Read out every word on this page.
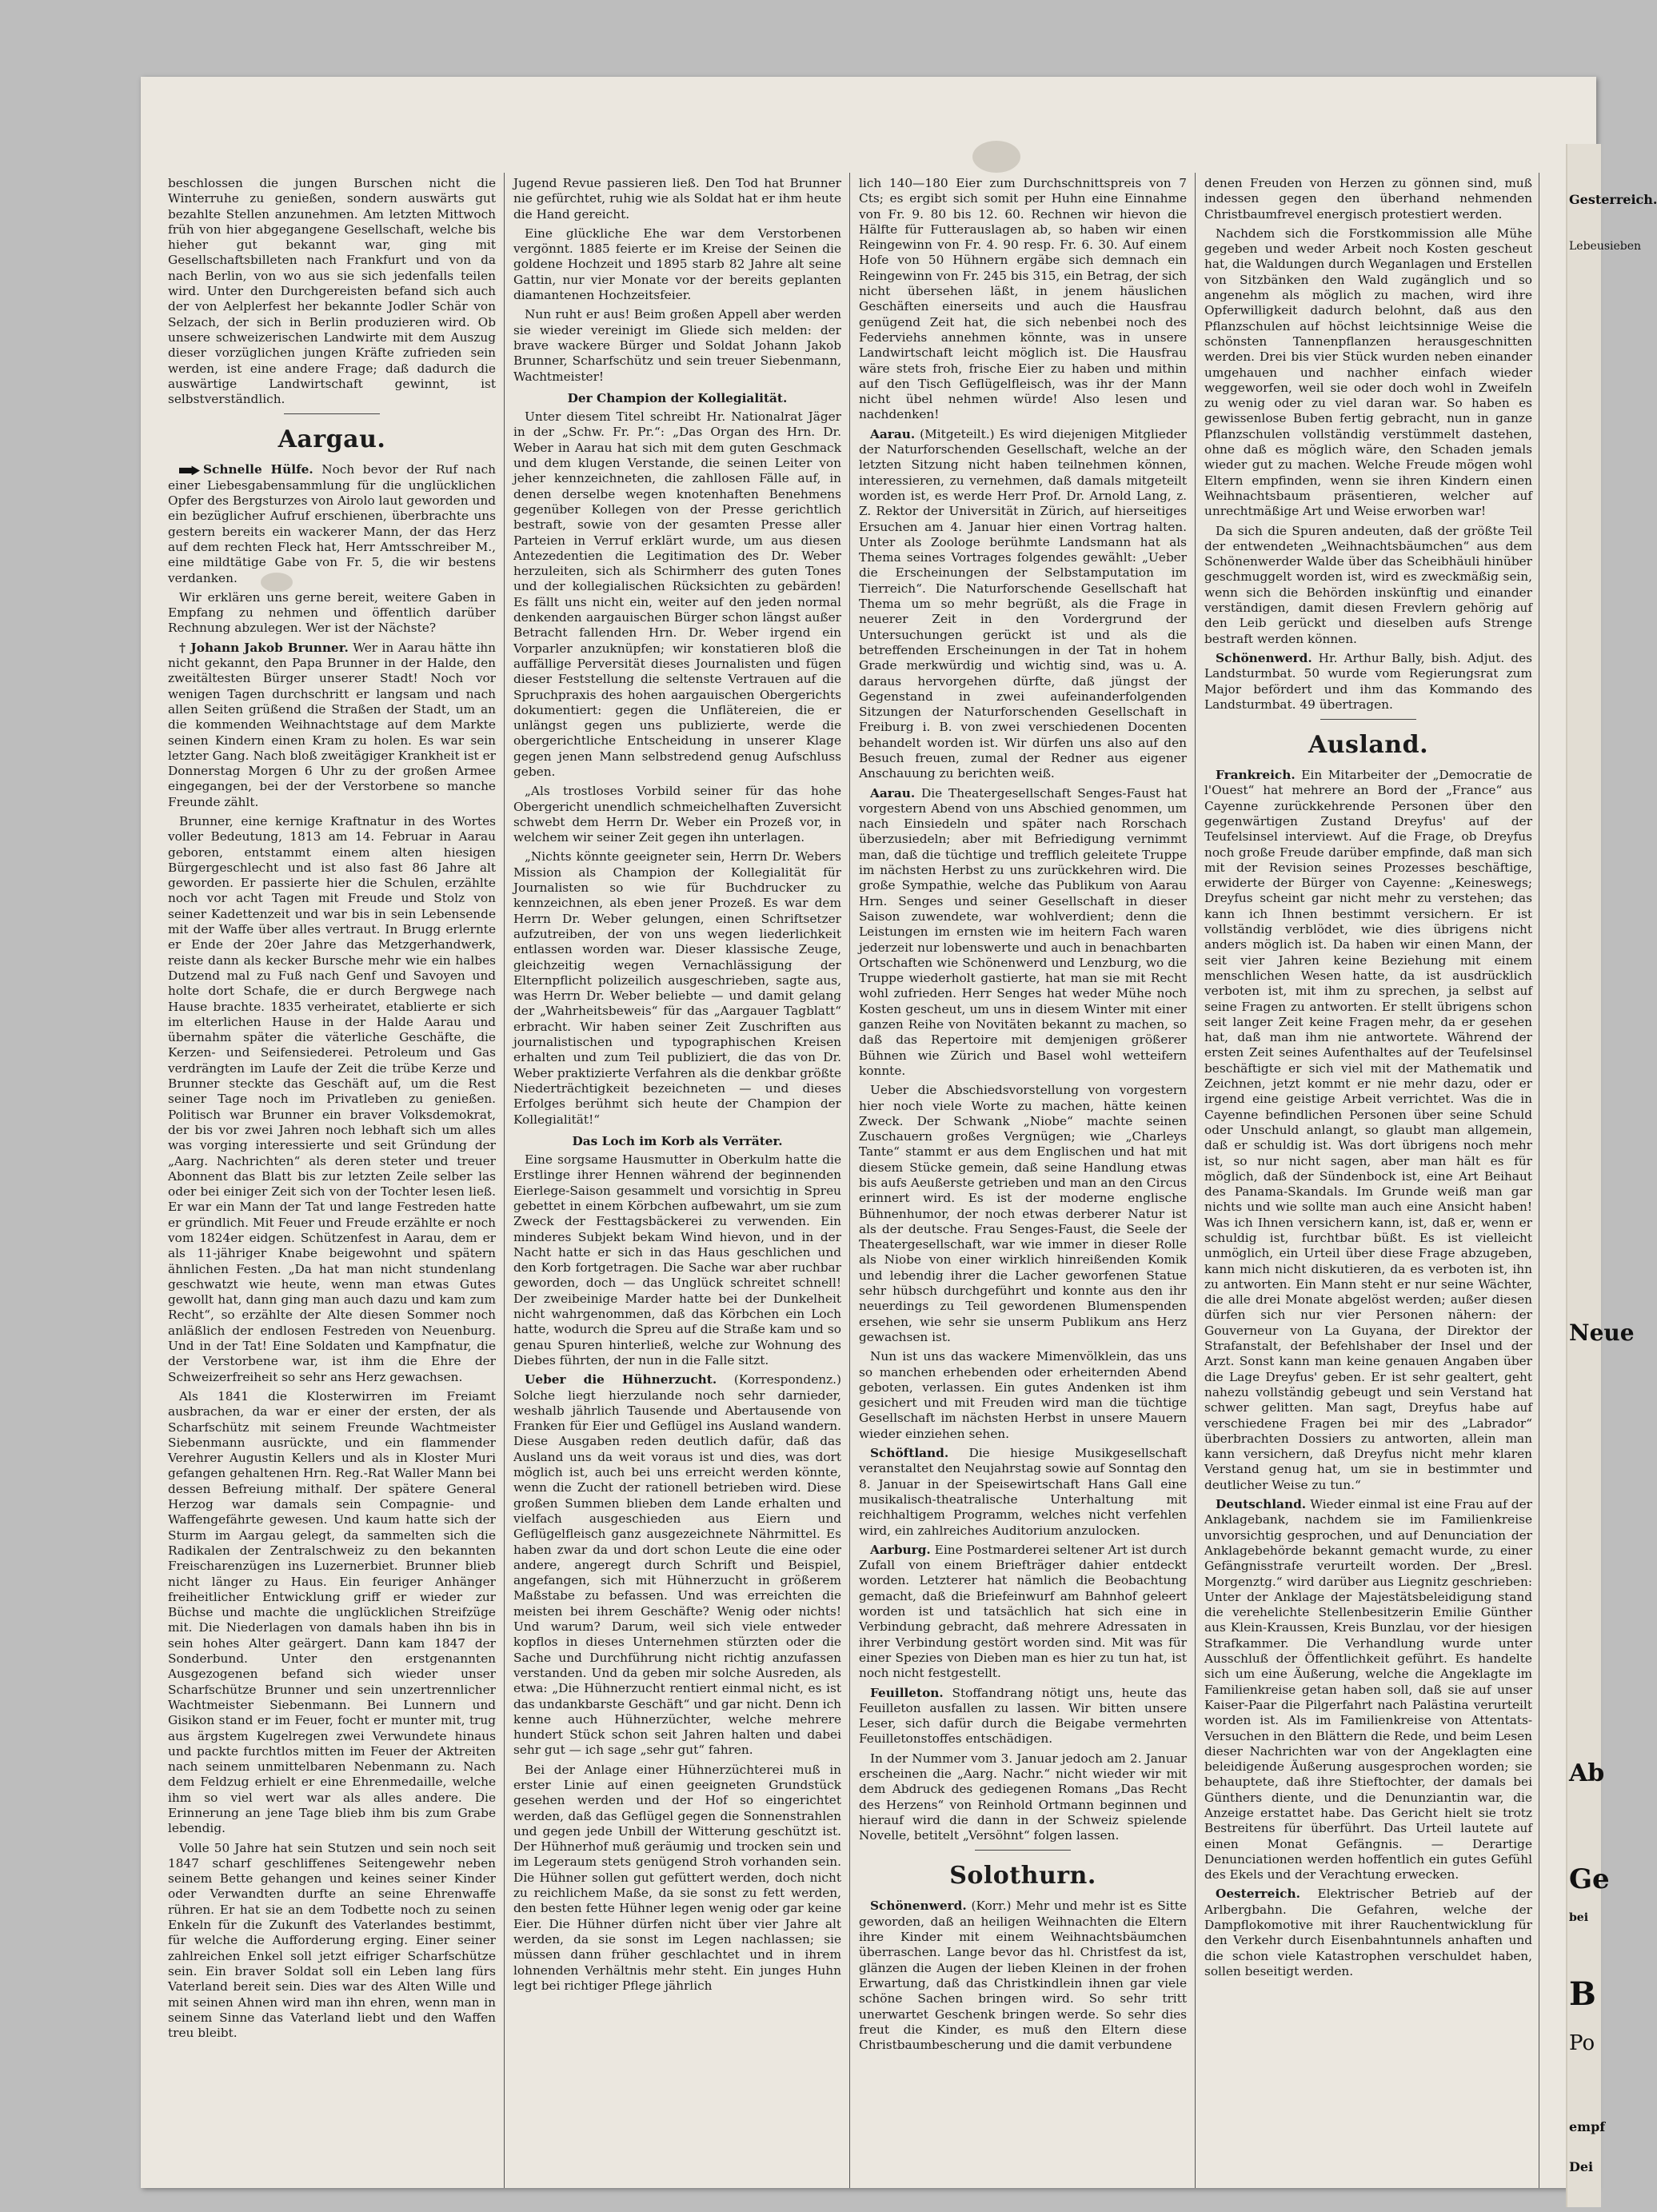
beschlossen die jungen Burschen nicht die Winterruhe zu genießen, sondern auswärts gut bezahlte Stellen anzunehmen. Am letzten Mittwoch früh von hier abgegangene Gesellschaft, welche bis hieher gut bekannt war, ging mit Gesellschaftsbilleten nach Frankfurt und von da nach Berlin, von wo aus sie sich jedenfalls teilen wird. Unter den Durchgereisten befand sich auch der von Aelplerfest her bekannte Jodler Schär von Selzach, der sich in Berlin produzieren wird. Ob unsere schweizerischen Landwirte mit dem Auszug dieser vorzüglichen jungen Kräfte zufrieden sein werden, ist eine andere Frage; daß dadurch die auswärtige Landwirtschaft gewinnt, ist selbstverständlich.

Aargau.

Schnelle Hülfe. Noch bevor der Ruf nach einer Liebesgabensammlung für die unglücklichen Opfer des Bergsturzes von Airolo laut geworden und ein bezüglicher Aufruf erschienen, überbrachte uns gestern bereits ein wackerer Mann, der das Herz auf dem rechten Fleck hat, Herr Amtsschreiber M., eine mildtätige Gabe von Fr. 5, die wir bestens verdanken.

Wir erklären uns gerne bereit, weitere Gaben in Empfang zu nehmen und öffentlich darüber Rechnung abzulegen. Wer ist der Nächste?

† Johann Jakob Brunner. Wer in Aarau hätte ihn nicht gekannt, den Papa Brunner in der Halde, den zweitältesten Bürger unserer Stadt! Noch vor wenigen Tagen durchschritt er langsam und nach allen Seiten grüßend die Straßen der Stadt, um an die kommenden Weihnachtstage auf dem Markte seinen Kindern einen Kram zu holen. Es war sein letzter Gang. Nach bloß zweitägiger Krankheit ist er Donnerstag Morgen 6 Uhr zu der großen Armee eingegangen, bei der der Verstorbene so manche Freunde zählt.

Brunner, eine kernige Kraftnatur in des Wortes voller Bedeutung, 1813 am 14. Februar in Aarau geboren, entstammt einem alten hiesigen Bürgergeschlecht und ist also fast 86 Jahre alt geworden. Er passierte hier die Schulen, erzählte noch vor acht Tagen mit Freude und Stolz von seiner Kadettenzeit und war bis in sein Lebensende mit der Waffe über alles vertraut. In Brugg erlernte er Ende der 20er Jahre das Metzgerhandwerk, reiste dann als kecker Bursche mehr wie ein halbes Dutzend mal zu Fuß nach Genf und Savoyen und holte dort Schafe, die er durch Bergwege nach Hause brachte. 1835 verheiratet, etablierte er sich im elterlichen Hause in der Halde Aarau und übernahm später die väterliche Geschäfte, die Kerzen- und Seifensiederei. Petroleum und Gas verdrängten im Laufe der Zeit die trübe Kerze und Brunner steckte das Geschäft auf, um die Rest seiner Tage noch im Privatleben zu genießen. Politisch war Brunner ein braver Volksdemokrat, der bis vor zwei Jahren noch lebhaft sich um alles was vorging interessierte und seit Gründung der „Aarg. Nachrichten“ als deren steter und treuer Abonnent das Blatt bis zur letzten Zeile selber las oder bei einiger Zeit sich von der Tochter lesen ließ. Er war ein Mann der Tat und lange Festreden hatte er gründlich. Mit Feuer und Freude erzählte er noch vom 1824er eidgen. Schützenfest in Aarau, dem er als 11-jähriger Knabe beigewohnt und spätern ähnlichen Festen. „Da hat man nicht stundenlang geschwatzt wie heute, wenn man etwas Gutes gewollt hat, dann ging man auch dazu und kam zum Recht“, so erzählte der Alte diesen Sommer noch anläßlich der endlosen Festreden von Neuenburg. Und in der Tat! Eine Soldaten und Kampfnatur, die der Verstorbene war, ist ihm die Ehre der Schweizerfreiheit so sehr ans Herz gewachsen.

Als 1841 die Klosterwirren im Freiamt ausbrachen, da war er einer der ersten, der als Scharfschütz mit seinem Freunde Wachtmeister Siebenmann ausrückte, und ein flammender Verehrer Augustin Kellers und als in Kloster Muri gefangen gehaltenen Hrn. Reg.-Rat Waller Mann bei dessen Befreiung mithalf. Der spätere General Herzog war damals sein Compagnie- und Waffengefährte gewesen. Und kaum hatte sich der Sturm im Aargau gelegt, da sammelten sich die Radikalen der Zentralschweiz zu den bekannten Freischarenzügen ins Luzernerbiet. Brunner blieb nicht länger zu Haus. Ein feuriger Anhänger freiheitlicher Entwicklung griff er wieder zur Büchse und machte die unglücklichen Streifzüge mit. Die Niederlagen von damals haben ihn bis in sein hohes Alter geärgert. Dann kam 1847 der Sonderbund. Unter den erstgenannten Ausgezogenen befand sich wieder unser Scharfschütze Brunner und sein unzertrennlicher Wachtmeister Siebenmann. Bei Lunnern und Gisikon stand er im Feuer, focht er munter mit, trug aus ärgstem Kugelregen zwei Verwundete hinaus und packte furchtlos mitten im Feuer der Aktreiten nach seinem unmittelbaren Nebenmann zu. Nach dem Feldzug erhielt er eine Ehrenmedaille, welche ihm so viel wert war als alles andere. Die Erinnerung an jene Tage blieb ihm bis zum Grabe lebendig.

Volle 50 Jahre hat sein Stutzen und sein noch seit 1847 scharf geschliffenes Seitengewehr neben seinem Bette gehangen und keines seiner Kinder oder Verwandten durfte an seine Ehrenwaffe rühren. Er hat sie an dem Todbette noch zu seinen Enkeln für die Zukunft des Vaterlandes bestimmt, für welche die Aufforderung erging. Einer seiner zahlreichen Enkel soll jetzt eifriger Scharfschütze sein. Ein braver Soldat soll ein Leben lang fürs Vaterland bereit sein. Dies war des Alten Wille und mit seinen Ahnen wird man ihn ehren, wenn man in seinem Sinne das Vaterland liebt und den Waffen treu bleibt.

Jugend Revue passieren ließ. Den Tod hat Brunner nie gefürchtet, ruhig wie als Soldat hat er ihm heute die Hand gereicht.

Eine glückliche Ehe war dem Verstorbenen vergönnt. 1885 feierte er im Kreise der Seinen die goldene Hochzeit und 1895 starb 82 Jahre alt seine Gattin, nur vier Monate vor der bereits geplanten diamantenen Hochzeitsfeier.

Nun ruht er aus! Beim großen Appell aber werden sie wieder vereinigt im Gliede sich melden: der brave wackere Bürger und Soldat Johann Jakob Brunner, Scharfschütz und sein treuer Siebenmann, Wachtmeister!

Der Champion der Kollegialität.

Unter diesem Titel schreibt Hr. Nationalrat Jäger in der „Schw. Fr. Pr.“: „Das Organ des Hrn. Dr. Weber in Aarau hat sich mit dem guten Geschmack und dem klugen Verstande, die seinen Leiter von jeher kennzeichneten, die zahllosen Fälle auf, in denen derselbe wegen knotenhaften Benehmens gegenüber Kollegen von der Presse gerichtlich bestraft, sowie von der gesamten Presse aller Parteien in Verruf erklärt wurde, um aus diesen Antezedentien die Legitimation des Dr. Weber herzuleiten, sich als Schirmherr des guten Tones und der kollegialischen Rücksichten zu gebärden! Es fällt uns nicht ein, weiter auf den jeden normal denkenden aargauischen Bürger schon längst außer Betracht fallenden Hrn. Dr. Weber irgend ein Vorparler anzuknüpfen; wir konstatieren bloß die auffällige Perversität dieses Journalisten und fügen dieser Feststellung die seltenste Vertrauen auf die Spruchpraxis des hohen aargauischen Obergerichts dokumentiert: gegen die Unflätereien, die er unlängst gegen uns publizierte, werde die obergerichtliche Entscheidung in unserer Klage gegen jenen Mann selbstredend genug Aufschluss geben.

„Als trostloses Vorbild seiner für das hohe Obergericht unendlich schmeichelhaften Zuversicht schwebt dem Herrn Dr. Weber ein Prozeß vor, in welchem wir seiner Zeit gegen ihn unterlagen.

„Nichts könnte geeigneter sein, Herrn Dr. Webers Mission als Champion der Kollegialität für Journalisten so wie für Buchdrucker zu kennzeichnen, als eben jener Prozeß. Es war dem Herrn Dr. Weber gelungen, einen Schriftsetzer aufzutreiben, der von uns wegen liederlichkeit entlassen worden war. Dieser klassische Zeuge, gleichzeitig wegen Vernachlässigung der Elternpflicht polizeilich ausgeschrieben, sagte aus, was Herrn Dr. Weber beliebte — und damit gelang der „Wahrheitsbeweis“ für das „Aargauer Tagblatt“ erbracht. Wir haben seiner Zeit Zuschriften aus journalistischen und typographischen Kreisen erhalten und zum Teil publiziert, die das von Dr. Weber praktizierte Verfahren als die denkbar größte Niederträchtigkeit bezeichneten — und dieses Erfolges berühmt sich heute der Champion der Kollegialität!“

Das Loch im Korb als Verräter.

Eine sorgsame Hausmutter in Oberkulm hatte die Erstlinge ihrer Hennen während der beginnenden Eierlege-Saison gesammelt und vorsichtig in Spreu gebettet in einem Körbchen aufbewahrt, um sie zum Zweck der Festtagsbäckerei zu verwenden. Ein minderes Subjekt bekam Wind hievon, und in der Nacht hatte er sich in das Haus geschlichen und den Korb fortgetragen. Die Sache war aber ruchbar geworden, doch — das Unglück schreitet schnell! Der zweibeinige Marder hatte bei der Dunkelheit nicht wahrgenommen, daß das Körbchen ein Loch hatte, wodurch die Spreu auf die Straße kam und so genau Spuren hinterließ, welche zur Wohnung des Diebes führten, der nun in die Falle sitzt.

Ueber die Hühnerzucht. (Korrespondenz.) Solche liegt hierzulande noch sehr darnieder, weshalb jährlich Tausende und Abertausende von Franken für Eier und Geflügel ins Ausland wandern. Diese Ausgaben reden deutlich dafür, daß das Ausland uns da weit voraus ist und dies, was dort möglich ist, auch bei uns erreicht werden könnte, wenn die Zucht der rationell betrieben wird. Diese großen Summen blieben dem Lande erhalten und vielfach ausgeschieden aus Eiern und Geflügelfleisch ganz ausgezeichnete Nährmittel. Es haben zwar da und dort schon Leute die eine oder andere, angeregt durch Schrift und Beispiel, angefangen, sich mit Hühnerzucht in größerem Maßstabe zu befassen. Und was erreichten die meisten bei ihrem Geschäfte? Wenig oder nichts! Und warum? Darum, weil sich viele entweder kopflos in dieses Unternehmen stürzten oder die Sache und Durchführung nicht richtig anzufassen verstanden. Und da geben mir solche Ausreden, als etwa: „Die Hühnerzucht rentiert einmal nicht, es ist das undankbarste Geschäft“ und gar nicht. Denn ich kenne auch Hühnerzüchter, welche mehrere hundert Stück schon seit Jahren halten und dabei sehr gut — ich sage „sehr gut“ fahren.

Bei der Anlage einer Hühnerzüchterei muß in erster Linie auf einen geeigneten Grundstück gesehen werden und der Hof so eingerichtet werden, daß das Geflügel gegen die Sonnenstrahlen und gegen jede Unbill der Witterung geschützt ist. Der Hühnerhof muß geräumig und trocken sein und im Legeraum stets genügend Stroh vorhanden sein. Die Hühner sollen gut gefüttert werden, doch nicht zu reichlichem Maße, da sie sonst zu fett werden, den besten fette Hühner legen wenig oder gar keine Eier. Die Hühner dürfen nicht über vier Jahre alt werden, da sie sonst im Legen nachlassen; sie müssen dann früher geschlachtet und in ihrem lohnenden Verhältnis mehr steht. Ein junges Huhn legt bei richtiger Pflege jährlich

lich 140—180 Eier zum Durchschnittspreis von 7 Cts; es ergibt sich somit per Huhn eine Einnahme von Fr. 9. 80 bis 12. 60. Rechnen wir hievon die Hälfte für Futterauslagen ab, so haben wir einen Reingewinn von Fr. 4. 90 resp. Fr. 6. 30. Auf einem Hofe von 50 Hühnern ergäbe sich demnach ein Reingewinn von Fr. 245 bis 315, ein Betrag, der sich nicht übersehen läßt, in jenem häuslichen Geschäften einerseits und auch die Hausfrau genügend Zeit hat, die sich nebenbei noch des Federviehs annehmen könnte, was in unsere Landwirtschaft leicht möglich ist. Die Hausfrau wäre stets froh, frische Eier zu haben und mithin auf den Tisch Geflügelfleisch, was ihr der Mann nicht übel nehmen würde! Also lesen und nachdenken!

Aarau. (Mitgeteilt.) Es wird diejenigen Mitglieder der Naturforschenden Gesellschaft, welche an der letzten Sitzung nicht haben teilnehmen können, interessieren, zu vernehmen, daß damals mitgeteilt worden ist, es werde Herr Prof. Dr. Arnold Lang, z. Z. Rektor der Universität in Zürich, auf hierseitiges Ersuchen am 4. Januar hier einen Vortrag halten. Unter als Zoologe berühmte Landsmann hat als Thema seines Vortrages folgendes gewählt: „Ueber die Erscheinungen der Selbstamputation im Tierreich“. Die Naturforschende Gesellschaft hat Thema um so mehr begrüßt, als die Frage in neuerer Zeit in den Vordergrund der Untersuchungen gerückt ist und als die betreffenden Erscheinungen in der Tat in hohem Grade merkwürdig und wichtig sind, was u. A. daraus hervorgehen dürfte, daß jüngst der Gegenstand in zwei aufeinanderfolgenden Sitzungen der Naturforschenden Gesellschaft in Freiburg i. B. von zwei verschiedenen Docenten behandelt worden ist. Wir dürfen uns also auf den Besuch freuen, zumal der Redner aus eigener Anschauung zu berichten weiß.

Aarau. Die Theatergesellschaft Senges-Faust hat vorgestern Abend von uns Abschied genommen, um nach Einsiedeln und später nach Rorschach überzusiedeln; aber mit Befriedigung vernimmt man, daß die tüchtige und trefflich geleitete Truppe im nächsten Herbst zu uns zurückkehren wird. Die große Sympathie, welche das Publikum von Aarau Hrn. Senges und seiner Gesellschaft in dieser Saison zuwendete, war wohlverdient; denn die Leistungen im ernsten wie im heitern Fach waren jederzeit nur lobenswerte und auch in benachbarten Ortschaften wie Schönenwerd und Lenzburg, wo die Truppe wiederholt gastierte, hat man sie mit Recht wohl zufrieden. Herr Senges hat weder Mühe noch Kosten gescheut, um uns in diesem Winter mit einer ganzen Reihe von Novitäten bekannt zu machen, so daß das Repertoire mit demjenigen größerer Bühnen wie Zürich und Basel wohl wetteifern konnte.

Ueber die Abschiedsvorstellung von vorgestern hier noch viele Worte zu machen, hätte keinen Zweck. Der Schwank „Niobe“ machte seinen Zuschauern großes Vergnügen; wie „Charleys Tante“ stammt er aus dem Englischen und hat mit diesem Stücke gemein, daß seine Handlung etwas bis aufs Aeußerste getrieben und man an den Circus erinnert wird. Es ist der moderne englische Bühnenhumor, der noch etwas derberer Natur ist als der deutsche. Frau Senges-Faust, die Seele der Theatergesellschaft, war wie immer in dieser Rolle als Niobe von einer wirklich hinreißenden Komik und lebendig ihrer die Lacher geworfenen Statue sehr hübsch durchgeführt und konnte aus den ihr neuerdings zu Teil gewordenen Blumenspenden ersehen, wie sehr sie unserm Publikum ans Herz gewachsen ist.

Nun ist uns das wackere Mimenvölklein, das uns so manchen erhebenden oder erheiternden Abend geboten, verlassen. Ein gutes Andenken ist ihm gesichert und mit Freuden wird man die tüchtige Gesellschaft im nächsten Herbst in unsere Mauern wieder einziehen sehen.

Schöftland. Die hiesige Musikgesellschaft veranstaltet den Neujahrstag sowie auf Sonntag den 8. Januar in der Speisewirtschaft Hans Gall eine musikalisch-theatralische Unterhaltung mit reichhaltigem Programm, welches nicht verfehlen wird, ein zahlreiches Auditorium anzulocken.

Aarburg. Eine Postmarderei seltener Art ist durch Zufall von einem Briefträger dahier entdeckt worden. Letzterer hat nämlich die Beobachtung gemacht, daß die Briefeinwurf am Bahnhof geleert worden ist und tatsächlich hat sich eine in Verbindung gebracht, daß mehrere Adressaten in ihrer Verbindung gestört worden sind. Mit was für einer Spezies von Dieben man es hier zu tun hat, ist noch nicht festgestellt.

Feuilleton. Stoffandrang nötigt uns, heute das Feuilleton ausfallen zu lassen. Wir bitten unsere Leser, sich dafür durch die Beigabe vermehrten Feuilletonstoffes entschädigen.

In der Nummer vom 3. Januar jedoch am 2. Januar erscheinen die „Aarg. Nachr.“ nicht wieder wir mit dem Abdruck des gediegenen Romans „Das Recht des Herzens“ von Reinhold Ortmann beginnen und hierauf wird die dann in der Schweiz spielende Novelle, betitelt „Versöhnt“ folgen lassen.

Solothurn.

Schönenwerd. (Korr.) Mehr und mehr ist es Sitte geworden, daß an heiligen Weihnachten die Eltern ihre Kinder mit einem Weihnachtsbäumchen überraschen. Lange bevor das hl. Christfest da ist, glänzen die Augen der lieben Kleinen in der frohen Erwartung, daß das Christkindlein ihnen gar viele schöne Sachen bringen wird. So sehr tritt unerwartet Geschenk bringen werde. So sehr dies freut die Kinder, es muß den Eltern diese Christbaumbescherung und die damit verbundene

denen Freuden von Herzen zu gönnen sind, muß indessen gegen den überhand nehmenden Christbaumfrevel energisch protestiert werden.

Nachdem sich die Forstkommission alle Mühe gegeben und weder Arbeit noch Kosten gescheut hat, die Waldungen durch Weganlagen und Erstellen von Sitzbänken den Wald zugänglich und so angenehm als möglich zu machen, wird ihre Opferwilligkeit dadurch belohnt, daß aus den Pflanzschulen auf höchst leichtsinnige Weise die schönsten Tannenpflanzen herausgeschnitten werden. Drei bis vier Stück wurden neben einander umgehauen und nachher einfach wieder weggeworfen, weil sie oder doch wohl in Zweifeln zu wenig oder zu viel daran war. So haben es gewissenlose Buben fertig gebracht, nun in ganze Pflanzschulen vollständig verstümmelt dastehen, ohne daß es möglich wäre, den Schaden jemals wieder gut zu machen. Welche Freude mögen wohl Eltern empfinden, wenn sie ihren Kindern einen Weihnachtsbaum präsentieren, welcher auf unrechtmäßige Art und Weise erworben war!

Da sich die Spuren andeuten, daß der größte Teil der entwendeten „Weihnachtsbäumchen“ aus dem Schönenwerder Walde über das Scheibhäuli hinüber geschmuggelt worden ist, wird es zweckmäßig sein, wenn sich die Behörden inskünftig und einander verständigen, damit diesen Frevlern gehörig auf den Leib gerückt und dieselben aufs Strenge bestraft werden können.

Schönenwerd. Hr. Arthur Bally, bish. Adjut. des Landsturmbat. 50 wurde vom Regierungsrat zum Major befördert und ihm das Kommando des Landsturmbat. 49 übertragen.

Ausland.

Frankreich. Ein Mitarbeiter der „Democratie de l'Ouest“ hat mehrere an Bord der „France“ aus Cayenne zurückkehrende Personen über den gegenwärtigen Zustand Dreyfus' auf der Teufelsinsel interviewt. Auf die Frage, ob Dreyfus noch große Freude darüber empfinde, daß man sich mit der Revision seines Prozesses beschäftige, erwiderte der Bürger von Cayenne: „Keineswegs; Dreyfus scheint gar nicht mehr zu verstehen; das kann ich Ihnen bestimmt versichern. Er ist vollständig verblödet, wie dies übrigens nicht anders möglich ist. Da haben wir einen Mann, der seit vier Jahren keine Beziehung mit einem menschlichen Wesen hatte, da ist ausdrücklich verboten ist, mit ihm zu sprechen, ja selbst auf seine Fragen zu antworten. Er stellt übrigens schon seit langer Zeit keine Fragen mehr, da er gesehen hat, daß man ihm nie antwortete. Während der ersten Zeit seines Aufenthaltes auf der Teufelsinsel beschäftigte er sich viel mit der Mathematik und Zeichnen, jetzt kommt er nie mehr dazu, oder er irgend eine geistige Arbeit verrichtet. Was die in Cayenne befindlichen Personen über seine Schuld oder Unschuld anlangt, so glaubt man allgemein, daß er schuldig ist. Was dort übrigens noch mehr ist, so nur nicht sagen, aber man hält es für möglich, daß der Sündenbock ist, eine Art Beihaut des Panama-Skandals. Im Grunde weiß man gar nichts und wie sollte man auch eine Ansicht haben! Was ich Ihnen versichern kann, ist, daß er, wenn er schuldig ist, furchtbar büßt. Es ist vielleicht unmöglich, ein Urteil über diese Frage abzugeben, kann mich nicht diskutieren, da es verboten ist, ihn zu antworten. Ein Mann steht er nur seine Wächter, die alle drei Monate abgelöst werden; außer diesen dürfen sich nur vier Personen nähern: der Gouverneur von La Guyana, der Direktor der Strafanstalt, der Befehlshaber der Insel und der Arzt. Sonst kann man keine genauen Angaben über die Lage Dreyfus' geben. Er ist sehr gealtert, geht nahezu vollständig gebeugt und sein Verstand hat schwer gelitten. Man sagt, Dreyfus habe auf verschiedene Fragen bei mir des „Labrador“ überbrachten Dossiers zu antworten, allein man kann versichern, daß Dreyfus nicht mehr klaren Verstand genug hat, um sie in bestimmter und deutlicher Weise zu tun.“

Deutschland. Wieder einmal ist eine Frau auf der Anklagebank, nachdem sie im Familienkreise unvorsichtig gesprochen, und auf Denunciation der Anklagebehörde bekannt gemacht wurde, zu einer Gefängnisstrafe verurteilt worden. Der „Bresl. Morgenztg.“ wird darüber aus Liegnitz geschrieben: Unter der Anklage der Majestätsbeleidigung stand die verehelichte Stellenbesitzerin Emilie Günther aus Klein-Kraussen, Kreis Bunzlau, vor der hiesigen Strafkammer. Die Verhandlung wurde unter Ausschluß der Öffentlichkeit geführt. Es handelte sich um eine Äußerung, welche die Angeklagte im Familienkreise getan haben soll, daß sie auf unser Kaiser-Paar die Pilgerfahrt nach Palästina verurteilt worden ist. Als im Familienkreise von Attentats-Versuchen in den Blättern die Rede, und beim Lesen dieser Nachrichten war von der Angeklagten eine beleidigende Äußerung ausgesprochen worden; sie behauptete, daß ihre Stieftochter, der damals bei Günthers diente, und die Denunziantin war, die Anzeige erstattet habe. Das Gericht hielt sie trotz Bestreitens für überführt. Das Urteil lautete auf einen Monat Gefängnis. — Derartige Denunciationen werden hoffentlich ein gutes Gefühl des Ekels und der Verachtung erwecken.

Oesterreich. Elektrischer Betrieb auf der Arlbergbahn. Die Gefahren, welche der Dampflokomotive mit ihrer Rauchentwicklung für den Verkehr durch Eisenbahntunnels anhaften und die schon viele Katastrophen verschuldet haben, sollen beseitigt werden.

Gesterreich.
Lebeusieben
Neue
Ab
Ge
bei
B
Po
empf
Dei
